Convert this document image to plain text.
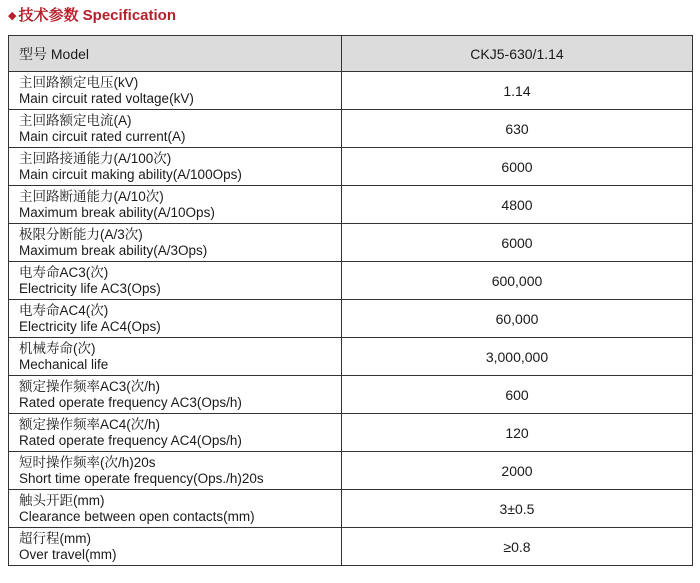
◆ 技术参数 Specification
型号 Model	CKJ5-630/1.14

主回路额定电压(kV)
Main circuit rated voltage(kV)	1.14

主回路额定电流(A)
Main circuit rated current(A)	630

主回路接通能力(A/100次)
Main circuit making ability(A/100Ops)	6000

主回路断通能力(A/10次)
Maximum break ability(A/10Ops)	4800

极限分断能力(A/3次)
Maximum break ability(A/3Ops)	6000

电寿命AC3(次)
Electricity life AC3(Ops)	600,000

电寿命AC4(次)
Electricity life AC4(Ops)	60,000

机械寿命(次)
Mechanical life	3,000,000

额定操作频率AC3(次/h)
Rated operate frequency AC3(Ops/h)	600

额定操作频率AC4(次/h)
Rated operate frequency AC4(Ops/h)	120

短时操作频率(次/h)20s
Short time operate frequency(Ops./h)20s	2000

触头开距(mm)
Clearance between open contacts(mm)	3±0.5

超行程(mm)
Over travel(mm)	≥0.8
